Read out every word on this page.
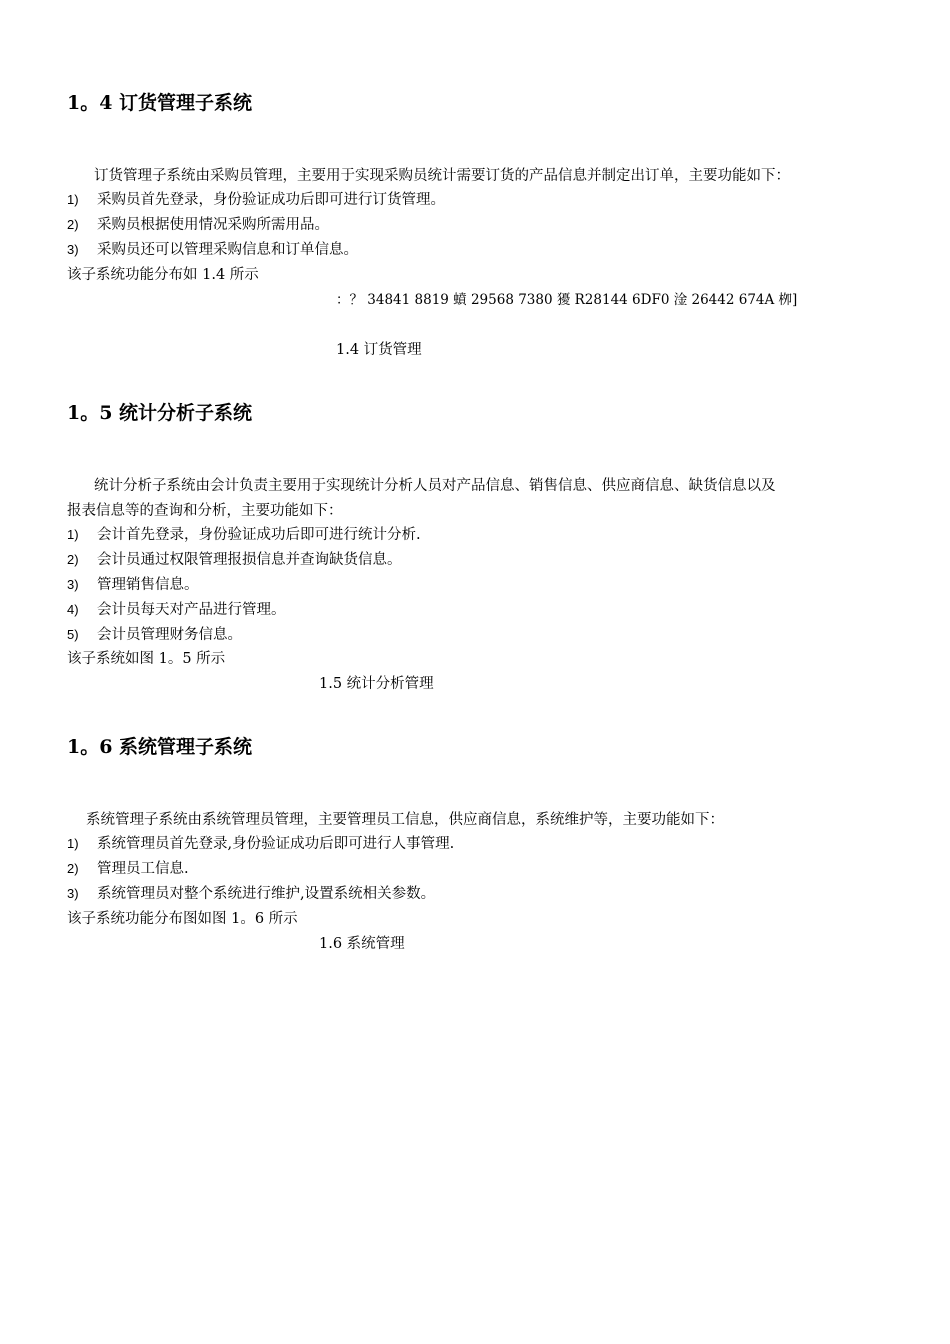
1。4 订货管理子系统
订货管理子系统由采购员管理，主要用于实现采购员统计需要订货的产品信息并制定出订单，主要功能如下：
1) 采购员首先登录，身份验证成功后即可进行订货管理。
2) 采购员根据使用情况采购所需用品。
3) 采购员还可以管理采购信息和订单信息。
该子系统功能分布如 1.4 所示
：？ 34841 8819 蟦 29568 7380 獶 R28144 6DF0 淦 26442 674A 栁]
1.4 订货管理
1。5 统计分析子系统
统计分析子系统由会计负责主要用于实现统计分析人员对产品信息、销售信息、供应商信息、缺货信息以及
报表信息等的查询和分析，主要功能如下：
1) 会计首先登录，身份验证成功后即可进行统计分析.
2) 会计员通过权限管理报损信息并查询缺货信息。
3) 管理销售信息。
4) 会计员每天对产品进行管理。
5) 会计员管理财务信息。
该子系统如图 1。5 所示
1.5 统计分析管理
1。6 系统管理子系统
系统管理子系统由系统管理员管理，主要管理员工信息，供应商信息，系统维护等，主要功能如下：
1) 系统管理员首先登录,身份验证成功后即可进行人事管理.
2) 管理员工信息.
3) 系统管理员对整个系统进行维护,设置系统相关参数。
该子系统功能分布图如图 1。6 所示
1.6 系统管理
